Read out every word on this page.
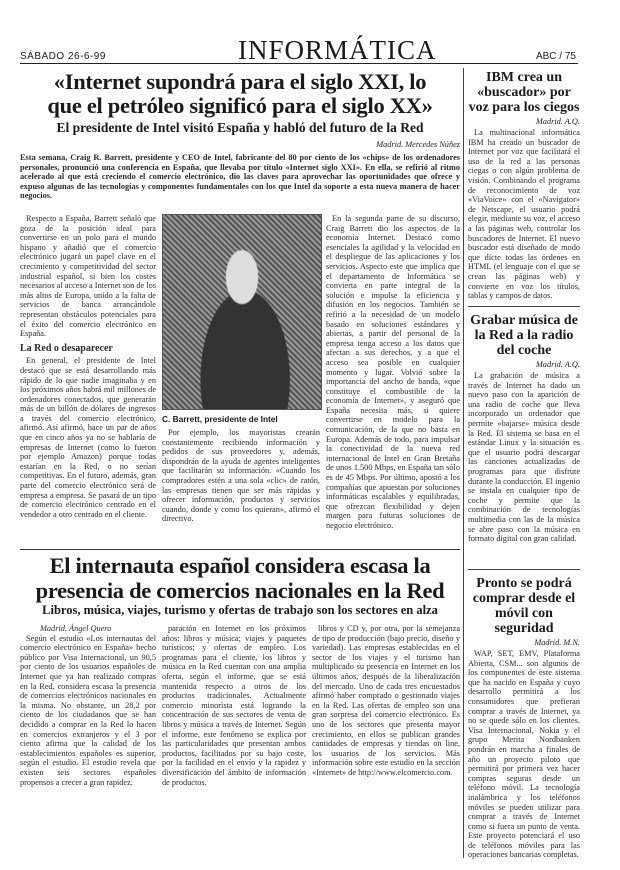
SÁBADO 26-6-99	INFORMÁTICA	ABC / 75
«Internet supondrá para el siglo XXI, lo
que el petróleo significó para el siglo XX»
El presidente de Intel visitó España y habló del futuro de la Red
Madrid. Mercedes Núñez

Esta semana, Craig R. Barrett, presidente y CEO de Intel, fabricante del 80 por ciento de los «chips» de los ordenadores personales, pronunció una conferencia en España, que llevaba por título «Internet siglo XXI». En ella, se refirió al ritmo acelerado al que está creciendo el comercio electrónico, dio las claves para aprovechar las oportunidades que ofrece y expuso algunas de las tecnologías y componentes fundamentales con los que Intel da soporte a esta nueva manera de hacer negocios.

Respecto a España, Barrett señaló que goza de la posición ideal para convertirse en un polo para el mundo hispano y añadió que el comercio electrónico jugará un papel clave en el crecimiento y competitividad del sector industrial español, si bien los costes necesarios al acceso a Internet son de los más altos de Europa, unido a la falta de servicios de banca arrancándole representan obstáculos potenciales para el éxito del comercio electrónico en España.

La Red o desaparecer

En general, el presidente de Intel destacó que se está desarrollando más rápido de lo que nadie imaginaba y en los próximos años habrá mil millones de ordenadores conectados, que generarán más de un billón de dólares de ingresos a través del comercio electrónico, afirmó. Así afirmó, hace un par de años que en cinco años ya no se hablaría de empresas de Internet (como lo fueron por ejemplo Amazon) porque todas estarían en la Red, o no serían competitivas. En el futuro, además, gran parte del comercio electrónico será de empresa a empresa. Se pasará de un tipo de comercio electrónico centrado en el vendedor a otro centrado en el cliente.

C. Barrett, presidente de Intel

Por ejemplo, los mayoristas crearán constantemente recibiendo información y pedidos de sus proveedores y, además, dispondrán de la ayuda de agentes inteligentes que facilitarán su información. «Cuando los compradores estén a una sola «clic» de ratón, las empresas tienen que ser más rápidas y ofrecer información, productos y servicios cuando, donde y como los quieran», afirmó el directivo.

En la segunda parte de su discurso, Craig Barrett dio los aspectos de la economía Internet. Destacó como esenciales la agilidad y la velocidad en el despliegue de las aplicaciones y los servicios. Aspecto este que implica que el departamento de Informática se convierta en parte integral de la solución e impulse la eficiencia y difusión en los negocios. También se refirió a la necesidad de un modelo basado en soluciones estándares y abiertas, a partir del personal de la empresa tenga acceso a los datos que afectan a sus derechos, y a que el acceso sea posible en cualquier momento y lugar. Volvió sobre la importancia del ancho de banda, «que constituye el combustible de la economía de Internet», y aseguró que España necesita más, si quiere convertirse en modelo para la comunicación, de la que no basta en Europa. Además de todo, para impulsar la conectividad de la nueva red internacional de Intel en Gran Bretaña de unos 1.500 Mbps, en España tan sólo es de 45 Mbps. Por último, apostó a los compañías que apuestan por soluciones informáticas escalables y equilibradas, que ofrezcan flexibilidad y dejen margen para futuras soluciones de negocio electrónico.

El internauta español considera escasa la
presencia de comercios nacionales en la Red
Libros, música, viajes, turismo y ofertas de trabajo son los sectores en alza
Madrid. Ángel Quero

Según el estudio «Los internautas del comercio electrónico en España» hecho público por Visa Internacional, un 90,5 por ciento de los usuarios españoles de Internet que ya han realizado compras en la Red, considera escasa la presencia de comercios electrónicos nacionales en la misma. No obstante, un 28,2 por ciento de los ciudadanos que se han decidido a comprar en la Red lo hacen en comercios extranjeros y el 3 por ciento afirma que la calidad de los establecimientos españoles es superior, según el estudio. El estudio revela que existen seis sectores españoles propensos a crecer a gran rapidez.

paración en Internet en los próximos años: libros y música; viajes y paquetes turísticos; y ofertas de empleo. Los programas para el cliente, los libros y música en la Red cuentan con una amplia oferta, según el informe, que se está mantenida respecto a otros de los productos tradicionales. Actualmente comercio minorista está logrando la concentración de sus sectores de venta de libros y música a través de Internet. Según el informe, este fenómeno se explica por las particularidades que presentan ambos productos, facilitados por su bajo coste, por la facilidad en el envío y la rapidez y diversificación del ámbito de información de productos.

libros y CD y, por otra, por la semejanza de tipo de producción (bajo precio, diseño y variedad). Las empresas establecidas en el sector de los viajes y el turismo han multiplicado su presencia en Internet en los últimos años, después de la liberalización del mercado. Uno de cada tres encuestados afirmó haber comprado o gestionado viajes en la Red. Las ofertas de empleo son una gran sorpresa del comercio electrónico. Es uno de los sectores que presenta mayor crecimiento, en ellos se publican grandes cantidades de empresas y tiendas on line, los usuarios de los servicios. Más información sobre este estudio en la sección «Internet» de http://www.elcomercio.com.

IBM crea un «buscador» por voz para los ciegos
Madrid. A.Q.

La multinacional informática IBM ha creado un buscador de Internet por voz que facilitará el uso de la red a las personas ciegas o con algún problema de visión. Combinando el programa de reconocimiento de voz «ViaVoice» con el «Navigator» de Netscape, el usuario podrá elegir, mediante su voz, el acceso a las páginas web, controlar los buscadores de Internet. El nuevo buscador está diseñado de modo que dicte todas las órdenes en HTML (el lenguaje con el que se crean las páginas web) y convierte en voz los títulos, tablas y campos de datos.

Grabar música de la Red a la radio del coche
Madrid. A.Q.

La grabación de música a través de Internet ha dado un nuevo paso con la aparición de una radio de coche que lleva incorporado un ordenador que permite «bajarse» música desde la Red. El sistema se basa en el estándar Linux y la situación es que el usuario podrá descargar las canciones actualizadas de programas para que disfrute durante la conducción. El ingenio se instala en cualquier tipo de coche y permite que la combinación de tecnologías multimedia con las de la música se abre paso con la música en formato digital con gran calidad.

Pronto se podrá comprar desde el móvil con seguridad
Madrid. M.N.

WAP, SET, EMV, Plataforma Abierta, CSM... son algunos de los componentes de este sistema que ha nacido en España y cuyo desarrollo permitirá a los consumidores que prefieran comprar a través de Internet, ya no se quede sólo en los clientes. Visa Internacional, Nokia y el grupo Merita Nordbanken pondrán en marcha a finales de año un proyecto piloto que permitirá por primera vez hacer compras seguras desde un teléfono móvil. La tecnología inalámbrica y los teléfonos móviles se pueden utilizar para comprar a través de Internet como si fuera un punto de venta. Este proyecto potenciará el uso de teléfonos móviles para las operaciones bancarias completas.
